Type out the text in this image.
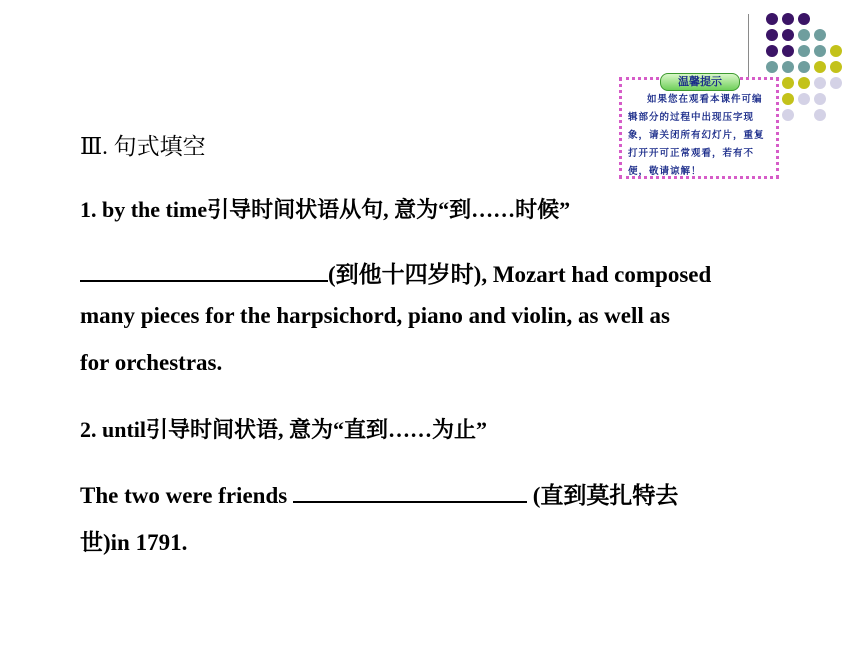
温馨提示
如果您在观看本课件可编辑部分的过程中出现压字现象，请关闭所有幻灯片，重复打开开可正常观看，若有不便，敬请谅解！
Ⅲ. 句式填空
1. by the time引导时间状语从句, 意为“到……时候”
(到他十四岁时), Mozart had composed
many pieces for the harpsichord, piano and violin, as well as
for orchestras.
2. until引导时间状语, 意为“直到……为止”
The two were friends	(直到莫扎特去
世)in 1791.
